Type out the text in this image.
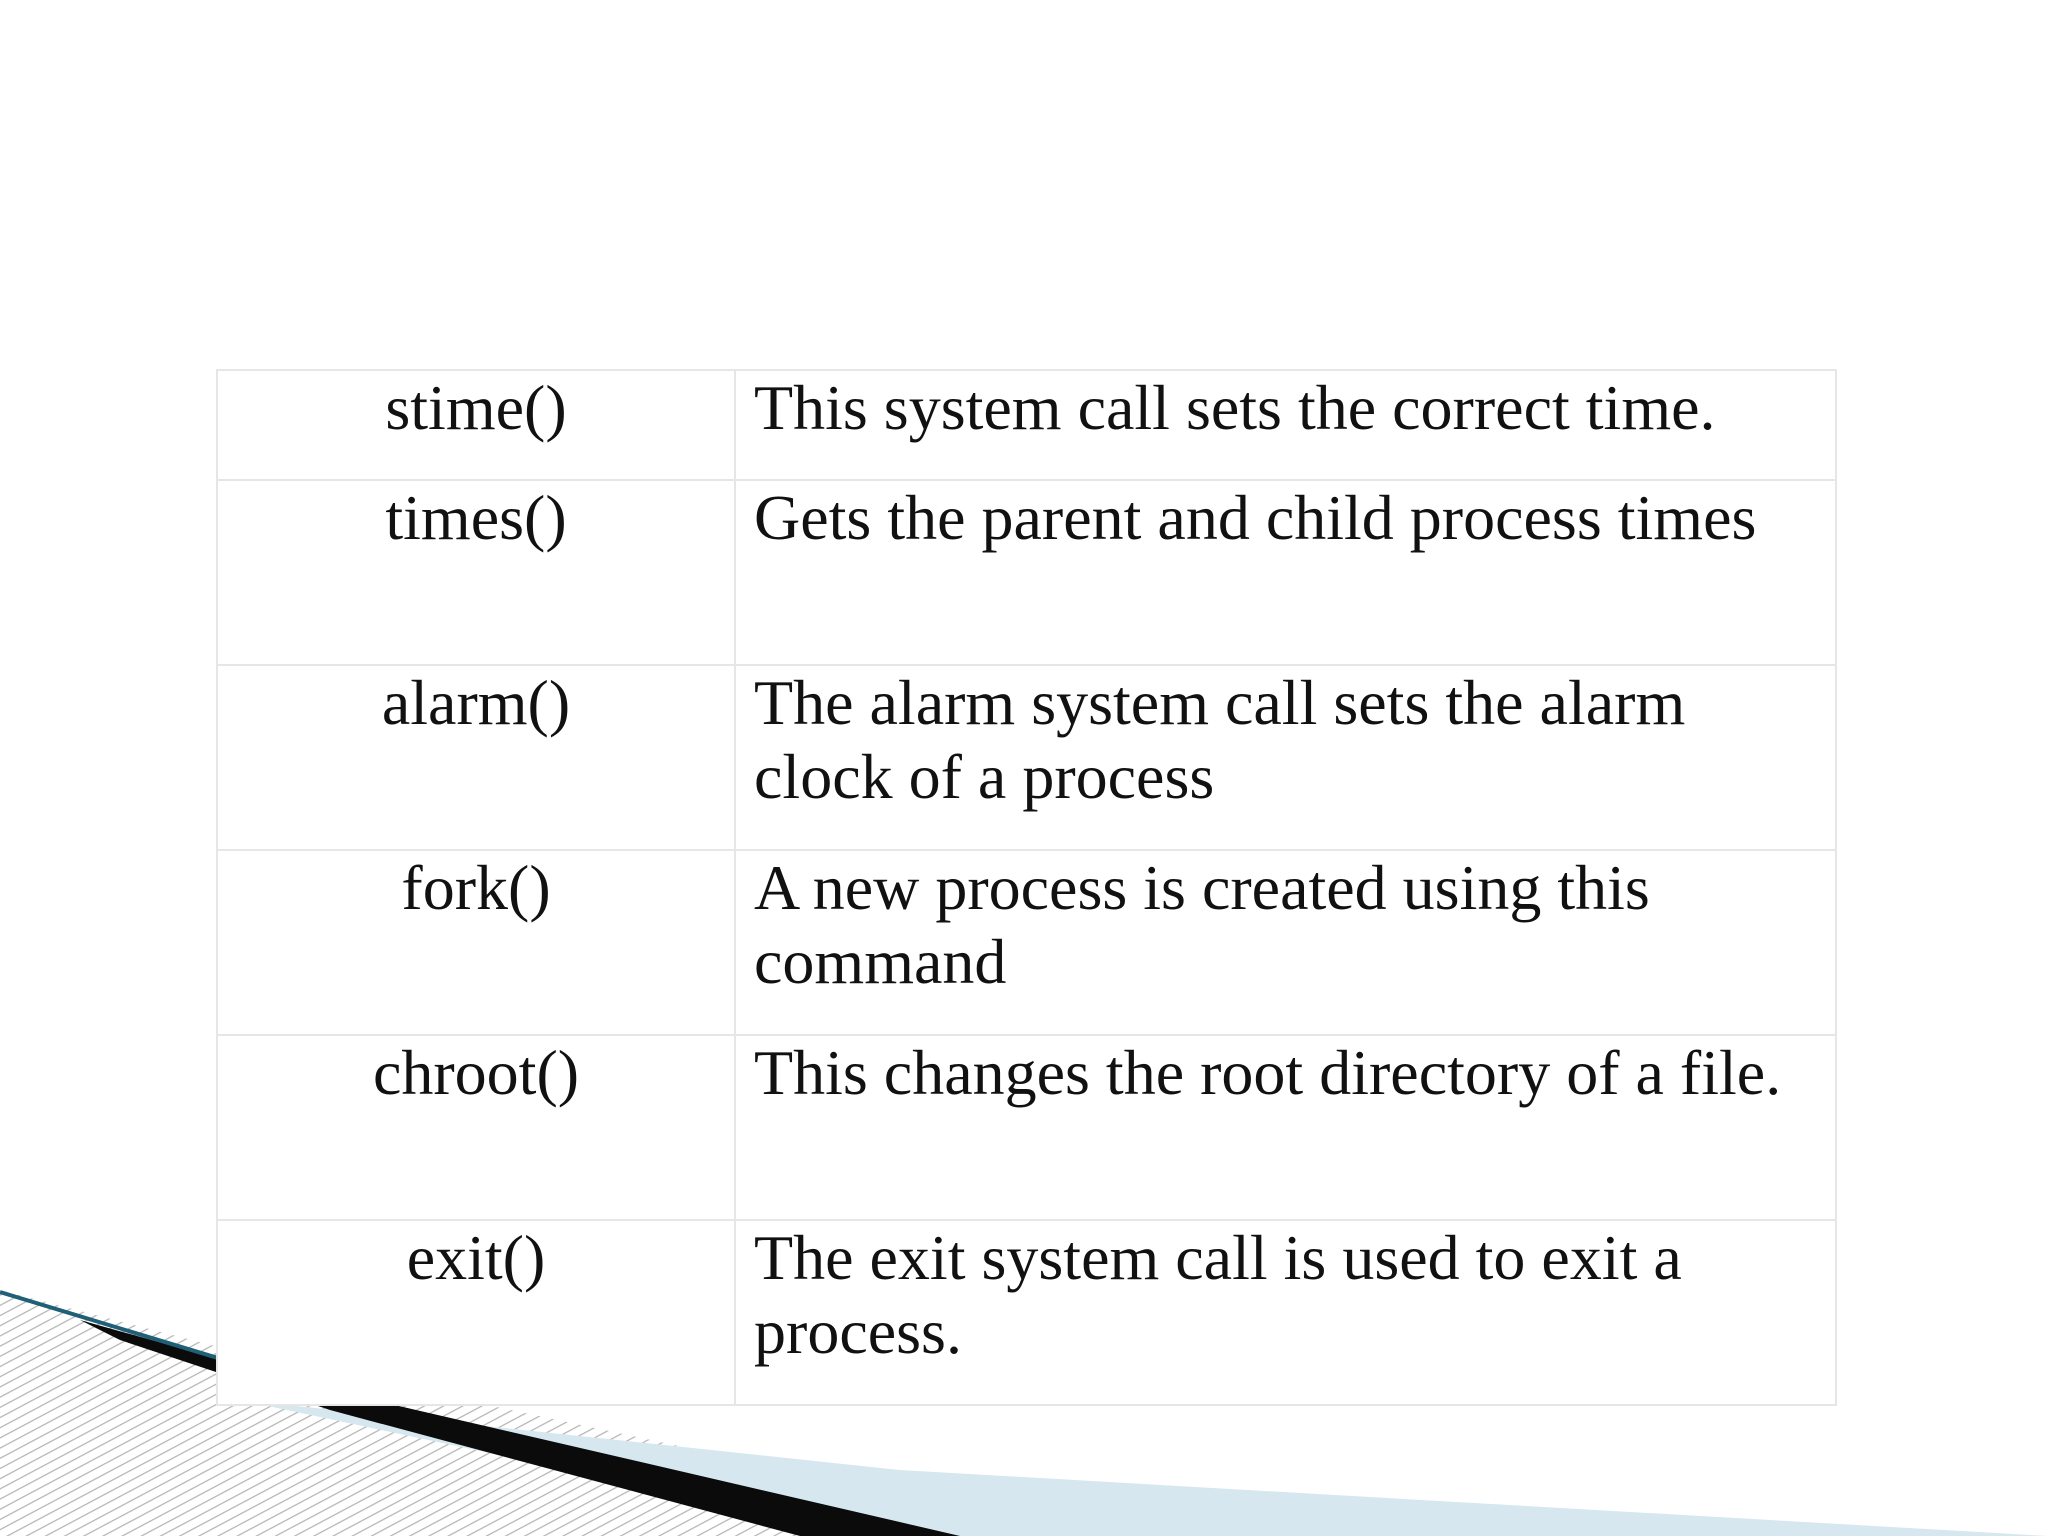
stime()	This system call sets the correct time.
times()	Gets the parent and child process times
alarm()	The alarm system call sets the alarm clock of a process
fork()	A new process is created using this command
chroot()	This changes the root directory of a file.
exit()	The exit system call is used to exit a process.
